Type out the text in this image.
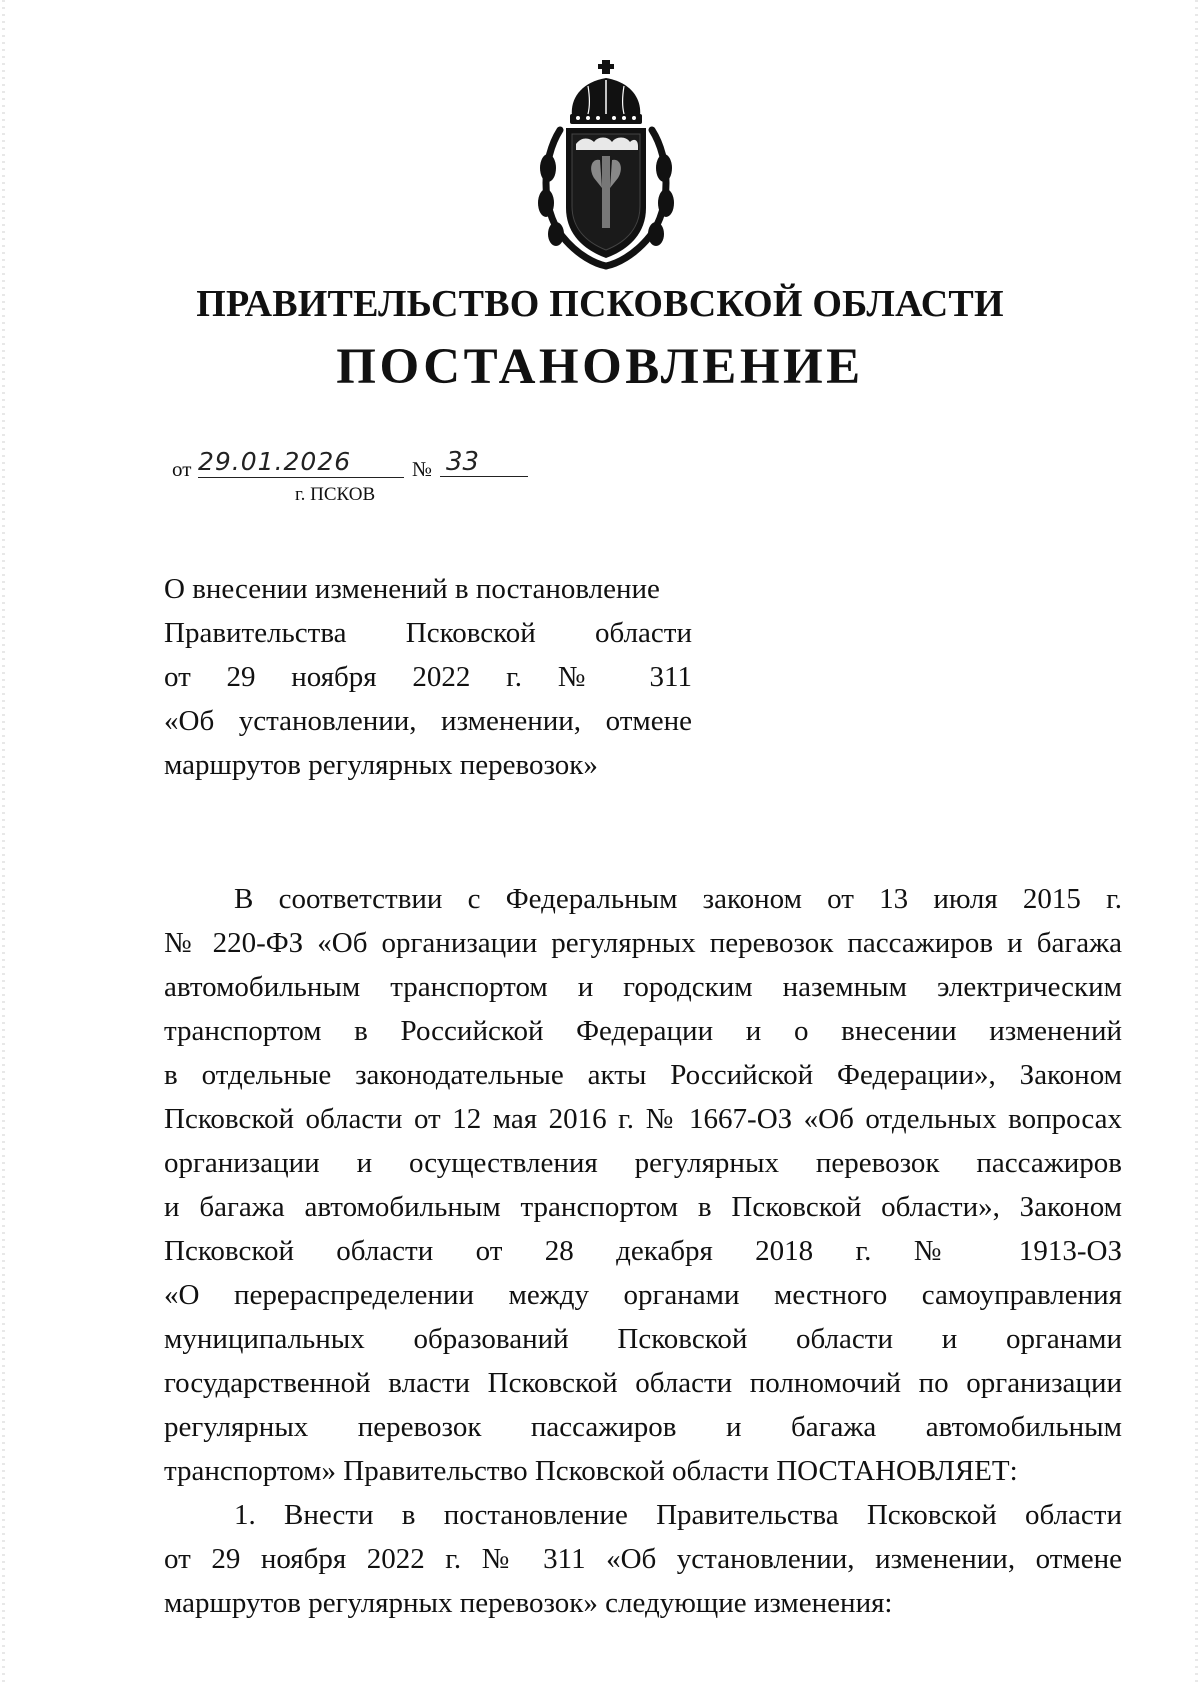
ПРАВИТЕЛЬСТВО ПСКОВСКОЙ ОБЛАСТИ
ПОСТАНОВЛЕНИЕ
от 29.01.2026	№ 33
г. ПСКОВ
О внесении изменений в постановление
Правительства Псковской области
от 29 ноября 2022 г. № 311
«Об установлении, изменении, отмене
маршрутов регулярных перевозок»
В соответствии с Федеральным законом от 13 июля 2015 г.
№ 220-ФЗ «Об организации регулярных перевозок пассажиров и багажа
автомобильным транспортом и городским наземным электрическим
транспортом в Российской Федерации и о внесении изменений
в отдельные законодательные акты Российской Федерации», Законом
Псковской области от 12 мая 2016 г. № 1667-ОЗ «Об отдельных вопросах
организации и осуществления регулярных перевозок пассажиров
и багажа автомобильным транспортом в Псковской области», Законом
Псковской области от 28 декабря 2018 г. № 1913-ОЗ
«О перераспределении между органами местного самоуправления
муниципальных образований Псковской области и органами
государственной власти Псковской области полномочий по организации
регулярных перевозок пассажиров и багажа автомобильным
транспортом» Правительство Псковской области ПОСТАНОВЛЯЕТ:
1. Внести в постановление Правительства Псковской области
от 29 ноября 2022 г. № 311 «Об установлении, изменении, отмене
маршрутов регулярных перевозок» следующие изменения:
